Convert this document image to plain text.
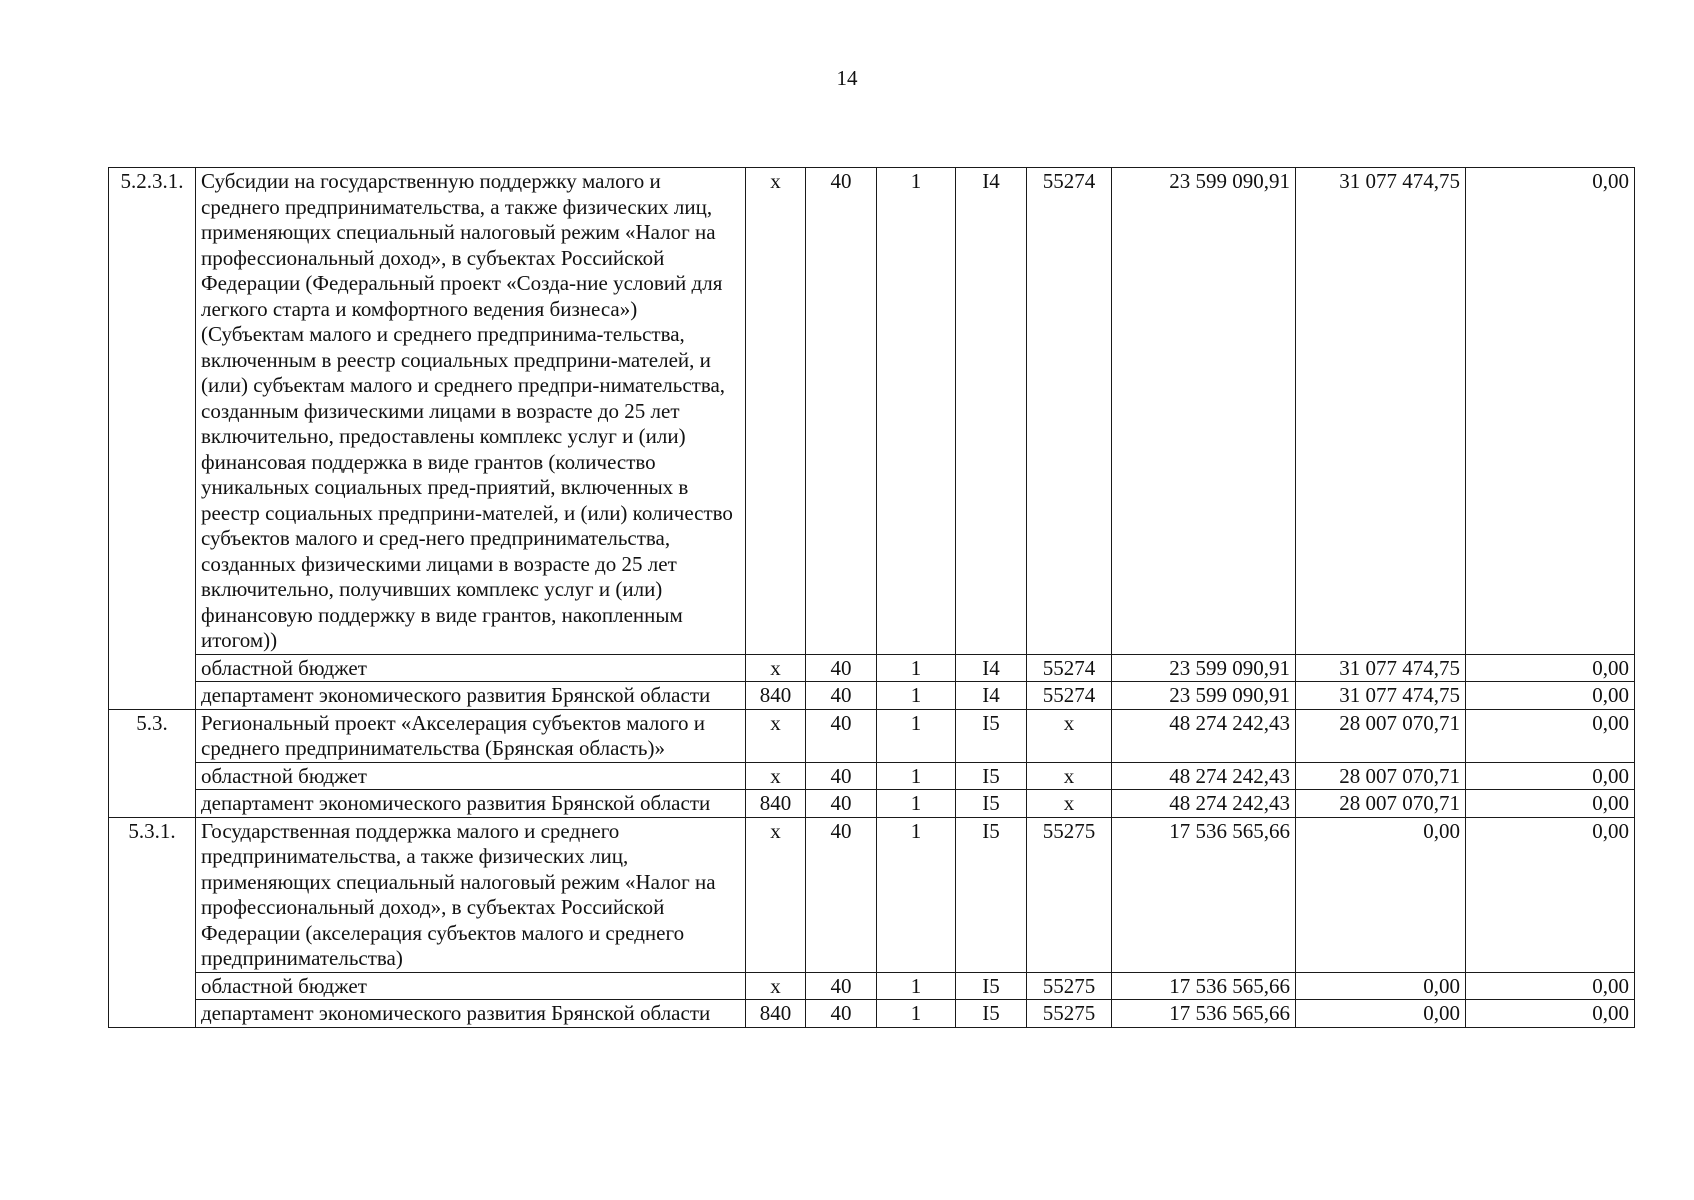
14
5.2.3.1.	Субсидии на государственную поддержку малого и среднего предпринимательства, а также физических лиц, применяющих специальный налоговый режим «Налог на профессиональный доход», в субъектах Российской Федерации (Федеральный проект «Созда-ние условий для легкого старта и комфортного ведения бизнеса») (Субъектам малого и среднего предпринима-тельства, включенным в реестр социальных предприни-мателей, и (или) субъектам малого и среднего предпри-нимательства, созданным физическими лицами в возрасте до 25 лет включительно, предоставлены комплекс услуг и (или) финансовая поддержка в виде грантов (количество уникальных социальных пред-приятий, включенных в реестр социальных предприни-мателей, и (или) количество субъектов малого и сред-него предпринимательства, созданных физическими лицами в возрасте до 25 лет включительно, получивших комплекс услуг и (или) финансовую поддержку в виде грантов, накопленным итогом))	х	40	1	I4	55274	23 599 090,91	31 077 474,75	0,00
	областной бюджет	х	40	1	I4	55274	23 599 090,91	31 077 474,75	0,00
	департамент экономического развития Брянской области	840	40	1	I4	55274	23 599 090,91	31 077 474,75	0,00
5.3.	Региональный проект «Акселерация субъектов малого и среднего предпринимательства (Брянская область)»	х	40	1	I5	х	48 274 242,43	28 007 070,71	0,00
	областной бюджет	х	40	1	I5	х	48 274 242,43	28 007 070,71	0,00
	департамент экономического развития Брянской области	840	40	1	I5	х	48 274 242,43	28 007 070,71	0,00
5.3.1.	Государственная поддержка малого и среднего предпринимательства, а также физических лиц, применяющих специальный налоговый режим «Налог на профессиональный доход», в субъектах Российской Федерации (акселерация субъектов малого и среднего предпринимательства)	х	40	1	I5	55275	17 536 565,66	0,00	0,00
	областной бюджет	х	40	1	I5	55275	17 536 565,66	0,00	0,00
	департамент экономического развития Брянской области	840	40	1	I5	55275	17 536 565,66	0,00	0,00
